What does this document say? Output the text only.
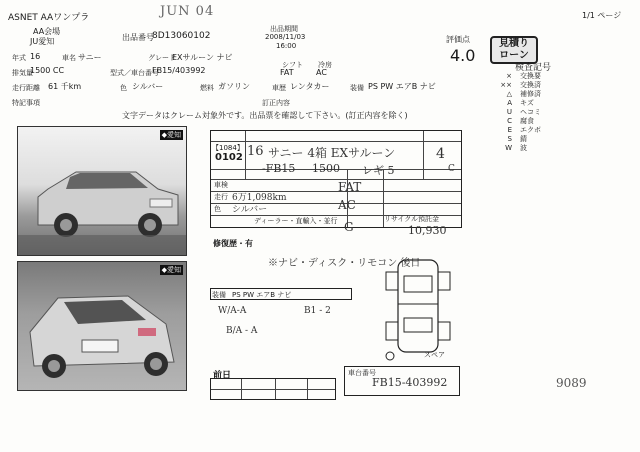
ASNET AAワンプラ	JUN 04	1/1 ページ
AA会場
JU愛知	出品番号
8D13060102
出品期間
2008/11/03
16:00
評価点
4.0
見積り
ローン
年式 16	車名 サニー	グレード
EXサルーン ナビ
シフト 冷房
排気量
1500 CC	型式／車台番号
FB15/403992	FAT	AC
走行距離 61 千km	色 シルバー	燃料 ガソリン	車歴 レンタカー	装備 PS PW エアB ナビ
特記事項	訂正内容
文字データはクレーム対象外です。出品票を確認して下さい。(訂正内容を除く)
検査記号
× 交換要
×× 交換済
△ 補修済
A キズ
U ヘコミ
C 腐食
E エクボ
S 錆
W 波
◆愛知
◆愛知
【1084】
0102 16 サニー 4箱 EXサルーン	4
C
-FB15 1500 レギ 5
車検
走行 6万1,098km
色 シルバー
ディーラー・直輸入・並行
FAT
AC
G
リサイクル預託金
10,930
修復歴・有
※ナビ・ディスク・リモコン 後日
装備 PS PW エアB ナビ
W/A-A	B1 - 2
B/A - A
スペア
前日	車台番号
FB15-403992	9089
